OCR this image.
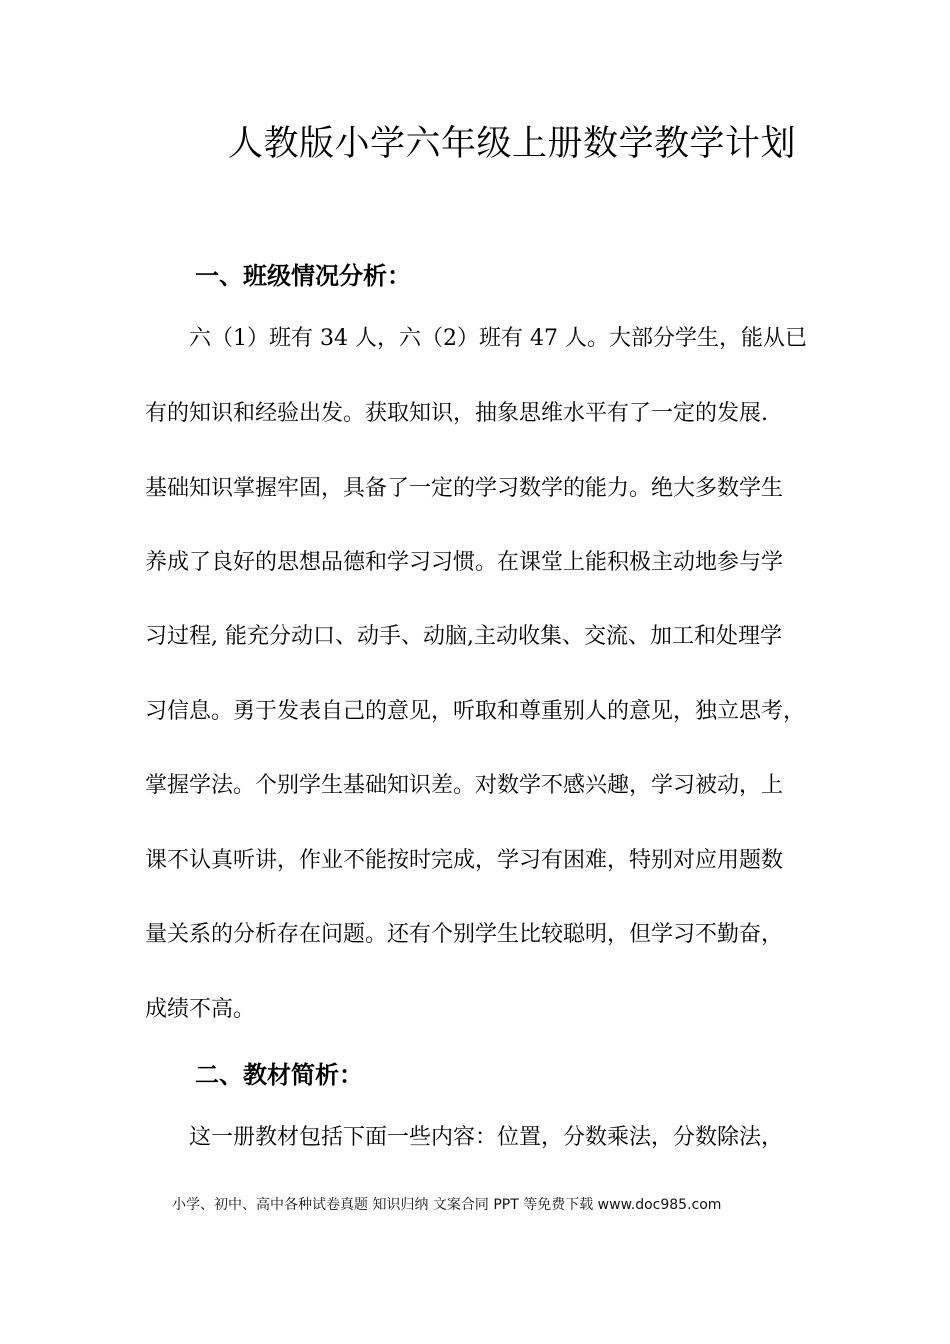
人教版小学六年级上册数学教学计划
一、班级情况分析：
　　六（1）班有 34 人，六（2）班有 47 人。大部分学生，能从已
有的知识和经验出发。获取知识，抽象思维水平有了一定的发展.
基础知识掌握牢固，具备了一定的学习数学的能力。绝大多数学生
养成了良好的思想品德和学习习惯。在课堂上能积极主动地参与学
习过程, 能充分动口、动手、动脑,主动收集、交流、加工和处理学
习信息。勇于发表自己的意见，听取和尊重别人的意见，独立思考，
掌握学法。个别学生基础知识差。对数学不感兴趣，学习被动，上
课不认真听讲，作业不能按时完成，学习有困难，特别对应用题数
量关系的分析存在问题。还有个别学生比较聪明，但学习不勤奋，
成绩不高。
二、教材简析：
　　这一册教材包括下面一些内容：位置，分数乘法，分数除法，
小学、初中、高中各种试卷真题 知识归纳 文案合同 PPT 等免费下载 www.doc985.com
